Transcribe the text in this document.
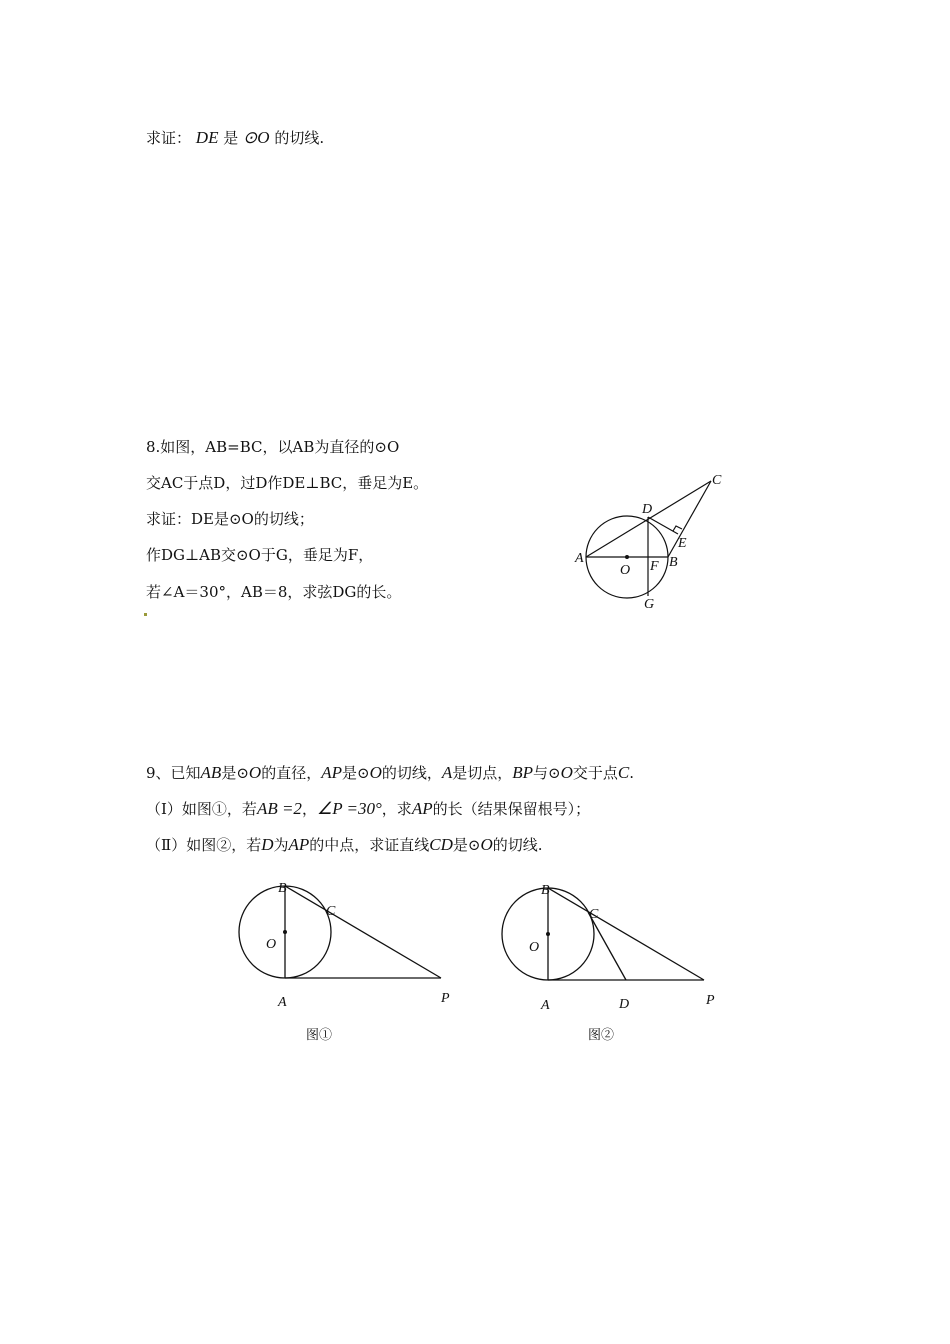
求证： DE 是 ⊙O 的切线.
8.如图，AB=BC，以AB为直径的⊙O
交AC于点D，过D作DE⊥BC，垂足为E。
求证：DE是⊙O的切线；
作DG⊥AB交⊙O于G，垂足为F，
若∠A＝30°，AB＝8，求弦DG的长。
A
O F B
E
D
C
G
9、已知AB是⊙O的直径，AP是⊙O的切线，A是切点，BP与⊙O交于点C.
（Ⅰ）如图①，若AB =2，∠P =30°，求AP的长（结果保留根号）；
（Ⅱ）如图②，若D为AP的中点，求证直线CD是⊙O的切线.
B
C
O
A	P
图①
B
C
O
A	D	P
图②
